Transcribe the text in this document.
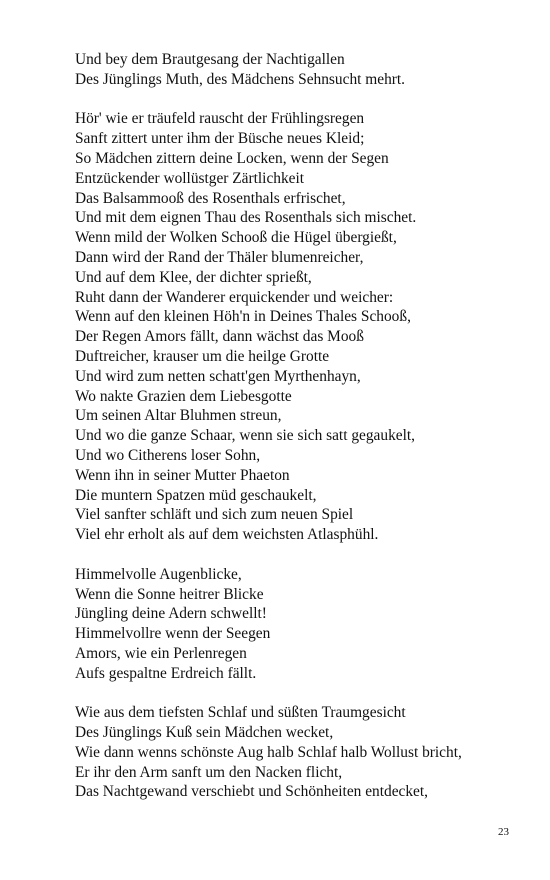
Und bey dem Brautgesang der Nachtigallen
Des Jünglings Muth, des Mädchens Sehnsucht mehrt.
Hör' wie er träufeld rauscht der Frühlingsregen
Sanft zittert unter ihm der Büsche neues Kleid;
So Mädchen zittern deine Locken, wenn der Segen
Entzückender wollüstger Zärtlichkeit
Das Balsammooß des Rosenthals erfrischet,
Und mit dem eignen Thau des Rosenthals sich mischet.
Wenn mild der Wolken Schooß die Hügel übergießt,
Dann wird der Rand der Thäler blumenreicher,
Und auf dem Klee, der dichter sprießt,
Ruht dann der Wanderer erquickender und weicher:
Wenn auf den kleinen Höh'n in Deines Thales Schooß,
Der Regen Amors fällt, dann wächst das Mooß
Duftreicher, krauser um die heilge Grotte
Und wird zum netten schatt'gen Myrthenhayn,
Wo nakte Grazien dem Liebesgotte
Um seinen Altar Bluhmen streun,
Und wo die ganze Schaar, wenn sie sich satt gegaukelt,
Und wo Citherens loser Sohn,
Wenn ihn in seiner Mutter Phaeton
Die muntern Spatzen müd geschaukelt,
Viel sanfter schläft und sich zum neuen Spiel
Viel ehr erholt als auf dem weichsten Atlasphühl.
Himmelvolle Augenblicke,
Wenn die Sonne heitrer Blicke
Jüngling deine Adern schwellt!
Himmelvollre wenn der Seegen
Amors, wie ein Perlenregen
Aufs gespaltne Erdreich fällt.
Wie aus dem tiefsten Schlaf und süßten Traumgesicht
Des Jünglings Kuß sein Mädchen wecket,
Wie dann wenns schönste Aug halb Schlaf halb Wollust bricht,
Er ihr den Arm sanft um den Nacken flicht,
Das Nachtgewand verschiebt und Schönheiten entdecket,
23
